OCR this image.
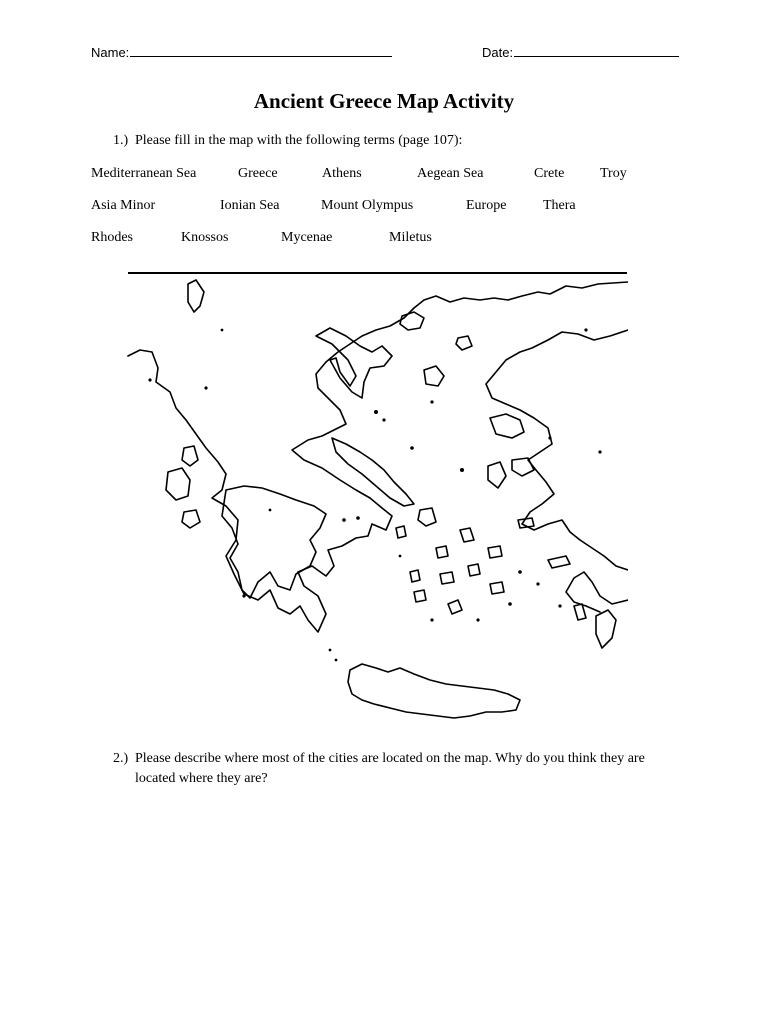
Name:	Date:
Ancient Greece Map Activity
1.) Please fill in the map with the following terms (page 107):
Mediterranean Sea	Greece	Athens	Aegean Sea	Crete	Troy
Asia Minor	Ionian Sea	Mount Olympus	Europe	Thera
Rhodes	Knossos	Mycenae	Miletus
2.) Please describe where most of the cities are located on the map. Why do you think they are located where they are?
